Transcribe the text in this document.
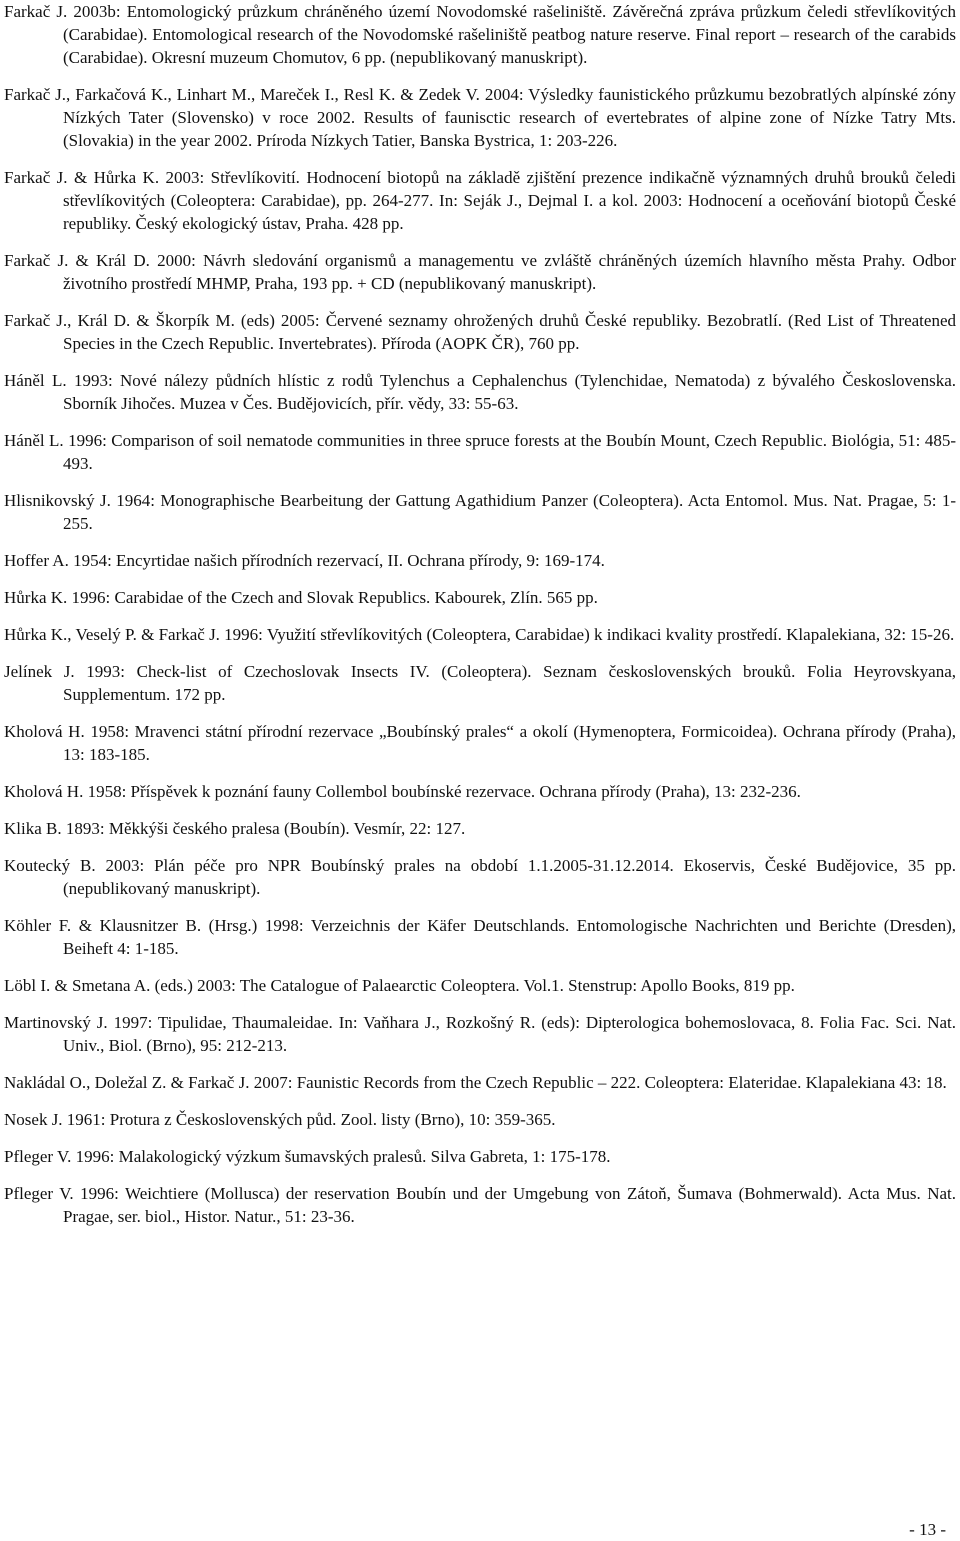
Farkač J. 2003b: Entomologický průzkum chráněného území Novodomské rašeliniště. Závěrečná zpráva průzkum čeledi střevlíkovitých (Carabidae). Entomological research of the Novodomské rašeliniště peatbog nature reserve. Final report – research of the carabids (Carabidae). Okresní muzeum Chomutov, 6 pp. (nepublikovaný manuskript).

Farkač J., Farkačová K., Linhart M., Mareček I., Resl K. & Zedek V. 2004: Výsledky faunistického průzkumu bezobratlých alpínské zóny Nízkých Tater (Slovensko) v roce 2002. Results of faunisctic research of evertebrates of alpine zone of Nízke Tatry Mts. (Slovakia) in the year 2002. Príroda Nízkych Tatier, Banska Bystrica, 1: 203-226.

Farkač J. & Hůrka K. 2003: Střevlíkovití. Hodnocení biotopů na základě zjištění prezence indikačně významných druhů brouků čeledi střevlíkovitých (Coleoptera: Carabidae), pp. 264-277. In: Seják J., Dejmal I. a kol. 2003: Hodnocení a oceňování biotopů České republiky. Český ekologický ústav, Praha. 428 pp.

Farkač J. & Král D. 2000: Návrh sledování organismů a managementu ve zvláště chráněných územích hlavního města Prahy. Odbor životního prostředí MHMP, Praha, 193 pp. + CD (nepublikovaný manuskript).

Farkač J., Král D. & Škorpík M. (eds) 2005: Červené seznamy ohrožených druhů České republiky. Bezobratlí. (Red List of Threatened Species in the Czech Republic. Invertebrates). Příroda (AOPK ČR), 760 pp.

Háněl L. 1993: Nové nálezy půdních hlístic z rodů Tylenchus a Cephalenchus (Tylenchidae, Nematoda) z bývalého Československa. Sborník Jihočes. Muzea v Čes. Budějovicích, přír. vědy, 33: 55-63.

Háněl L. 1996: Comparison of soil nematode communities in three spruce forests at the Boubín Mount, Czech Republic. Biológia, 51: 485-493.

Hlisnikovský J. 1964: Monographische Bearbeitung der Gattung Agathidium Panzer (Coleoptera). Acta Entomol. Mus. Nat. Pragae, 5: 1-255.

Hoffer A. 1954: Encyrtidae našich přírodních rezervací, II. Ochrana přírody, 9: 169-174.

Hůrka K. 1996: Carabidae of the Czech and Slovak Republics. Kabourek, Zlín. 565 pp.

Hůrka K., Veselý P. & Farkač J. 1996: Využití střevlíkovitých (Coleoptera, Carabidae) k indikaci kvality prostředí. Klapalekiana, 32: 15-26.

Jelínek J. 1993: Check-list of Czechoslovak Insects IV. (Coleoptera). Seznam československých brouků. Folia Heyrovskyana, Supplementum. 172 pp.

Kholová H. 1958: Mravenci státní přírodní rezervace „Boubínský prales“ a okolí (Hymenoptera, Formicoidea). Ochrana přírody (Praha), 13: 183-185.

Kholová H. 1958: Příspěvek k poznání fauny Collembol boubínské rezervace. Ochrana přírody (Praha), 13: 232-236.

Klika B. 1893: Měkkýši českého pralesa (Boubín). Vesmír, 22: 127.

Koutecký B. 2003: Plán péče pro NPR Boubínský prales na období 1.1.2005-31.12.2014. Ekoservis, České Budějovice, 35 pp. (nepublikovaný manuskript).

Köhler F. & Klausnitzer B. (Hrsg.) 1998: Verzeichnis der Käfer Deutschlands. Entomologische Nachrichten und Berichte (Dresden), Beiheft 4: 1-185.

Löbl I. & Smetana A. (eds.) 2003: The Catalogue of Palaearctic Coleoptera. Vol.1. Stenstrup: Apollo Books, 819 pp.

Martinovský J. 1997: Tipulidae, Thaumaleidae. In: Vaňhara J., Rozkošný R. (eds): Dipterologica bohemoslovaca, 8. Folia Fac. Sci. Nat. Univ., Biol. (Brno), 95: 212-213.

Nakládal O., Doležal Z. & Farkač J. 2007: Faunistic Records from the Czech Republic – 222. Coleoptera: Elateridae. Klapalekiana 43: 18.

Nosek J. 1961: Protura z Československých půd. Zool. listy (Brno), 10: 359-365.

Pfleger V. 1996: Malakologický výzkum šumavských pralesů. Silva Gabreta, 1: 175-178.

Pfleger V. 1996: Weichtiere (Mollusca) der reservation Boubín und der Umgebung von Zátoň, Šumava (Bohmerwald). Acta Mus. Nat. Pragae, ser. biol., Histor. Natur., 51: 23-36.

- 13 -
